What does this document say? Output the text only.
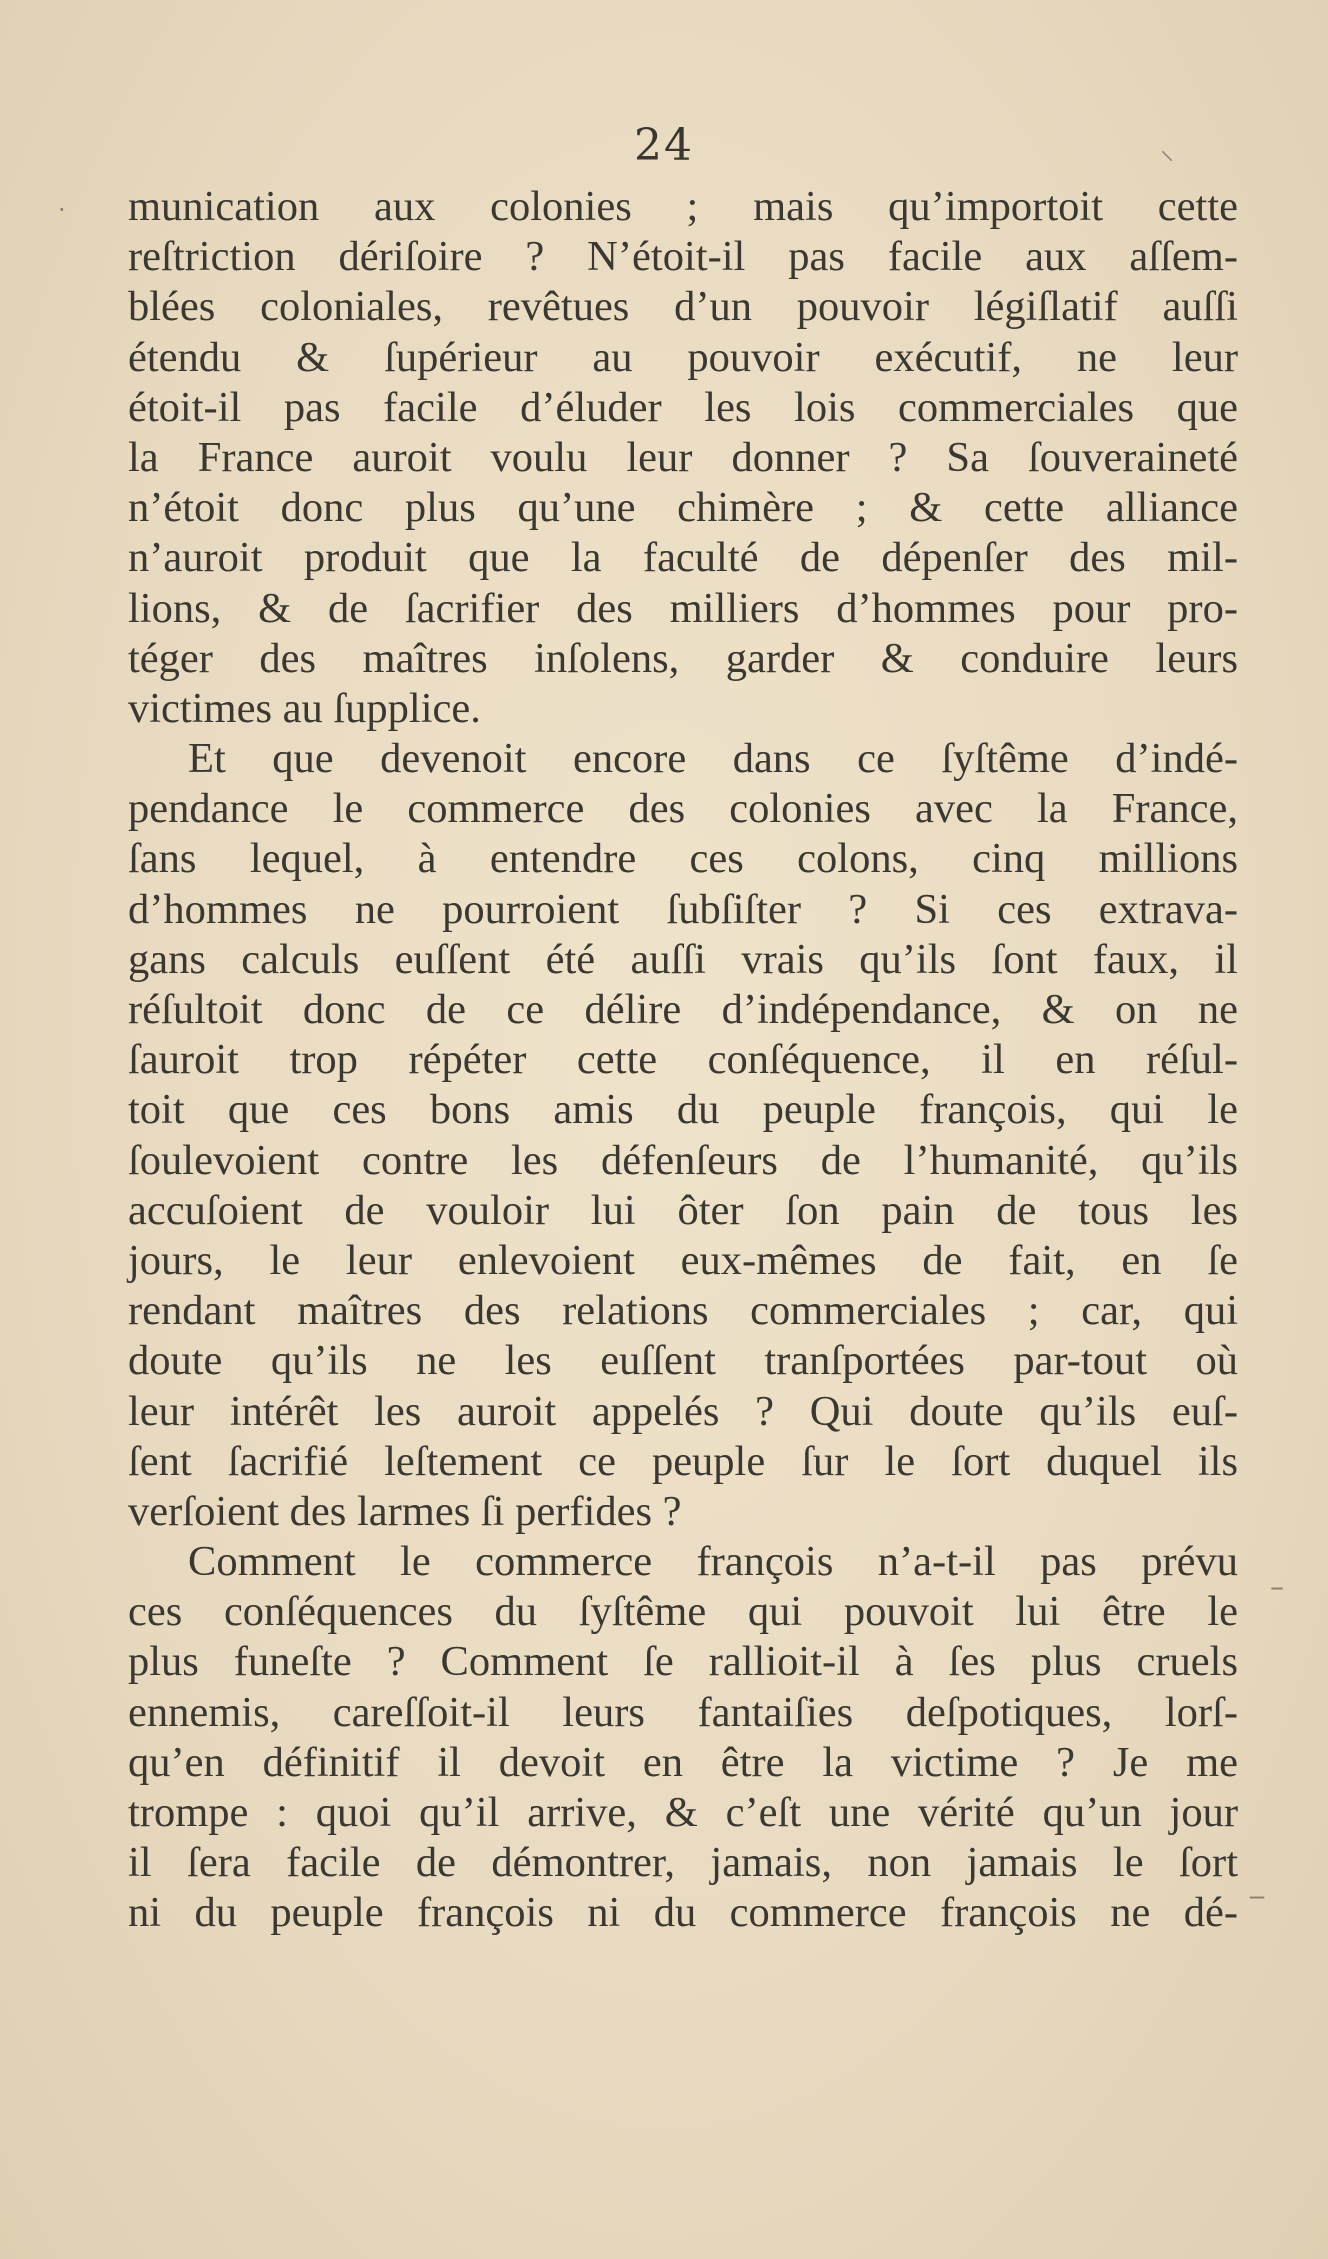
24
munication aux colonies ; mais qu’importoit cette
reſtriction dériſoire ? N’étoit-il pas facile aux aſſem-
blées coloniales, revêtues d’un pouvoir légiſlatif auſſi
étendu & ſupérieur au pouvoir exécutif, ne leur
étoit-il pas facile d’éluder les lois commerciales que
la France auroit voulu leur donner ? Sa ſouveraineté
n’étoit donc plus qu’une chimère ; & cette alliance
n’auroit produit que la faculté de dépenſer des mil-
lions, & de ſacrifier des milliers d’hommes pour pro-
téger des maîtres inſolens, garder & conduire leurs
victimes au ſupplice.
Et que devenoit encore dans ce ſyſtême d’indé-
pendance le commerce des colonies avec la France,
ſans lequel, à entendre ces colons, cinq millions
d’hommes ne pourroient ſubſiſter ? Si ces extrava-
gans calculs euſſent été auſſi vrais qu’ils ſont faux, il
réſultoit donc de ce délire d’indépendance, & on ne
ſauroit trop répéter cette conſéquence, il en réſul-
toit que ces bons amis du peuple françois, qui le
ſoulevoient contre les défenſeurs de l’humanité, qu’ils
accuſoient de vouloir lui ôter ſon pain de tous les
jours, le leur enlevoient eux-mêmes de fait, en ſe
rendant maîtres des relations commerciales ; car, qui
doute qu’ils ne les euſſent tranſportées par-tout où
leur intérêt les auroit appelés ? Qui doute qu’ils euſ-
ſent ſacrifié leſtement ce peuple ſur le ſort duquel ils
verſoient des larmes ſi perfides ?
Comment le commerce françois n’a-t-il pas prévu
ces conſéquences du ſyſtême qui pouvoit lui être le
plus funeſte ? Comment ſe rallioit-il à ſes plus cruels
ennemis, careſſoit-il leurs fantaiſies deſpotiques, lorſ-
qu’en définitif il devoit en être la victime ? Je me
trompe : quoi qu’il arrive, & c’eſt une vérité qu’un jour
il ſera facile de démontrer, jamais, non jamais le ſort
ni du peuple françois ni du commerce françois ne dé-
⸜
·
–
_
